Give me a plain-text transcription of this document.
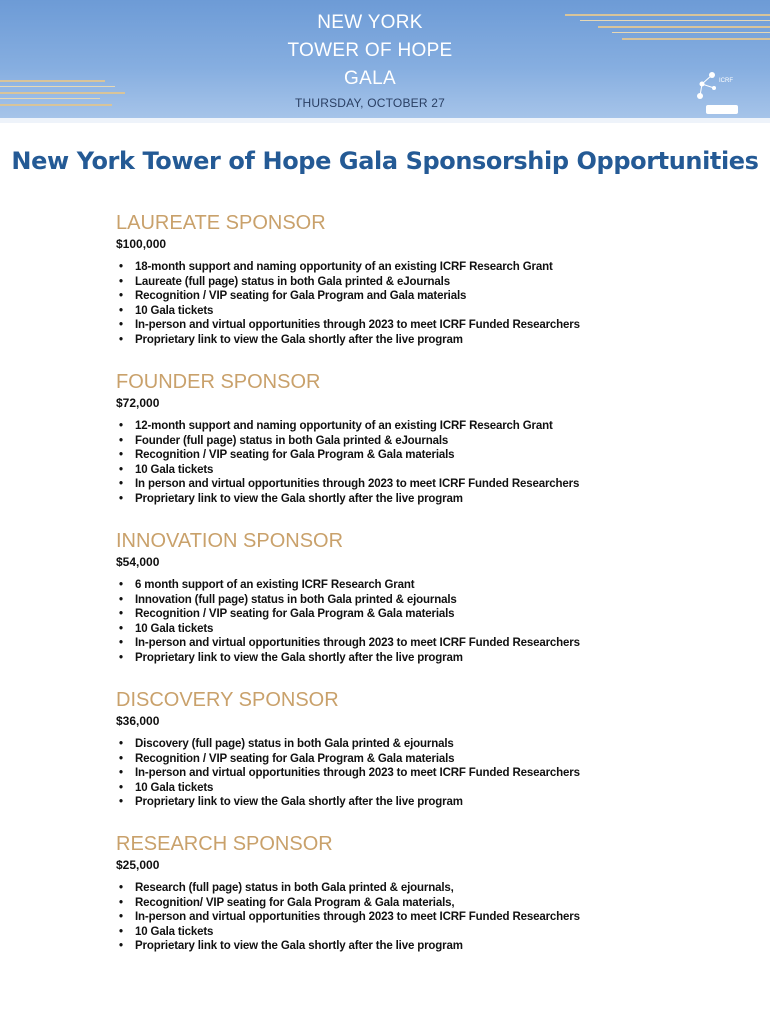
NEW YORK
TOWER OF HOPE
GALA
THURSDAY, OCTOBER 27
ICRF
New York Tower of Hope Gala Sponsorship Opportunities
LAUREATE SPONSOR
$100,000
• 18-month support and naming opportunity of an existing ICRF Research Grant
• Laureate (full page) status in both Gala printed & eJournals
• Recognition / VIP seating for Gala Program and Gala materials
• 10 Gala tickets
• In-person and virtual opportunities through 2023 to meet ICRF Funded Researchers
• Proprietary link to view the Gala shortly after the live program
FOUNDER SPONSOR
$72,000
• 12-month support and naming opportunity of an existing ICRF Research Grant
• Founder (full page) status in both Gala printed & eJournals
• Recognition / VIP seating for Gala Program & Gala materials
• 10 Gala tickets
• In person and virtual opportunities through 2023 to meet ICRF Funded Researchers
• Proprietary link to view the Gala shortly after the live program
INNOVATION SPONSOR
$54,000
• 6 month support of an existing ICRF Research Grant
• Innovation (full page) status in both Gala printed & ejournals
• Recognition / VIP seating for Gala Program & Gala materials
• 10 Gala tickets
• In-person and virtual opportunities through 2023 to meet ICRF Funded Researchers
• Proprietary link to view the Gala shortly after the live program
DISCOVERY SPONSOR
$36,000
• Discovery (full page) status in both Gala printed & ejournals
• Recognition / VIP seating for Gala Program & Gala materials
• In-person and virtual opportunities through 2023 to meet ICRF Funded Researchers
• 10 Gala tickets
• Proprietary link to view the Gala shortly after the live program
RESEARCH SPONSOR
$25,000
• Research (full page) status in both Gala printed & ejournals,
• Recognition/ VIP seating for Gala Program & Gala materials,
• In-person and virtual opportunities through 2023 to meet ICRF Funded Researchers
• 10 Gala tickets
• Proprietary link to view the Gala shortly after the live program
